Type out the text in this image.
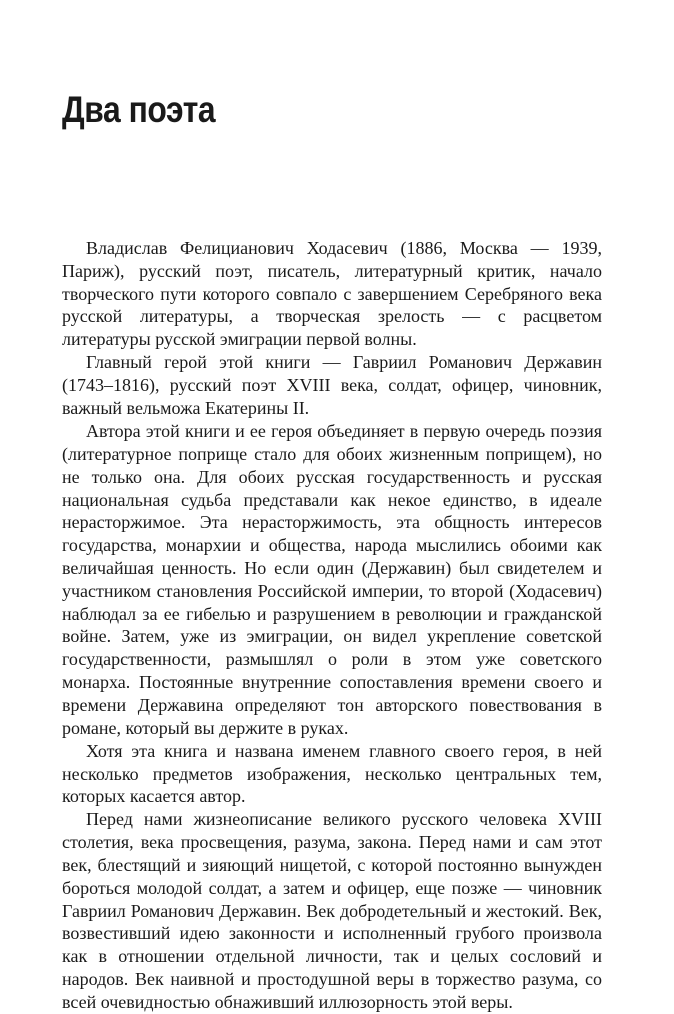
Два поэта

Владислав Фелицианович Ходасевич (1886, Москва — 1939, Париж), русский поэт, писатель, литературный критик, начало творческого пути которого совпало с завершением Серебряного века русской литературы, а творческая зрелость — с расцветом литературы русской эмиграции первой волны.

Главный герой этой книги — Гавриил Романович Державин (1743–1816), русский поэт XVIII века, солдат, офицер, чиновник, важный вельможа Екатерины II.

Автора этой книги и ее героя объединяет в первую очередь поэзия (литературное поприще стало для обоих жизненным поприщем), но не только она. Для обоих русская государственность и русская национальная судьба представали как некое единство, в идеале нерасторжимое. Эта нерасторжимость, эта общность интересов государства, монархии и общества, народа мыслились обоими как величайшая ценность. Но если один (Державин) был свидетелем и участником становления Российской империи, то второй (Ходасевич) наблюдал за ее гибелью и разрушением в революции и гражданской войне. Затем, уже из эмиграции, он видел укрепление советской государственности, размышлял о роли в этом уже советского монарха. Постоянные внутренние сопоставления времени своего и времени Державина определяют тон авторского повествования в романе, который вы держите в руках.

Хотя эта книга и названа именем главного своего героя, в ней несколько предметов изображения, несколько центральных тем, которых касается автор.

Перед нами жизнеописание великого русского человека XVIII столетия, века просвещения, разума, закона. Перед нами и сам этот век, блестящий и зияющий нищетой, с которой постоянно вынужден бороться молодой солдат, а затем и офицер, еще позже — чиновник Гавриил Романович Державин. Век добродетельный и жестокий. Век, возвестивший идею законности и исполненный грубого произвола как в отношении отдельной личности, так и целых сословий и народов. Век наивной и простодушной веры в торжество разума, со всей очевидностью обнаживший иллюзорность этой веры.
